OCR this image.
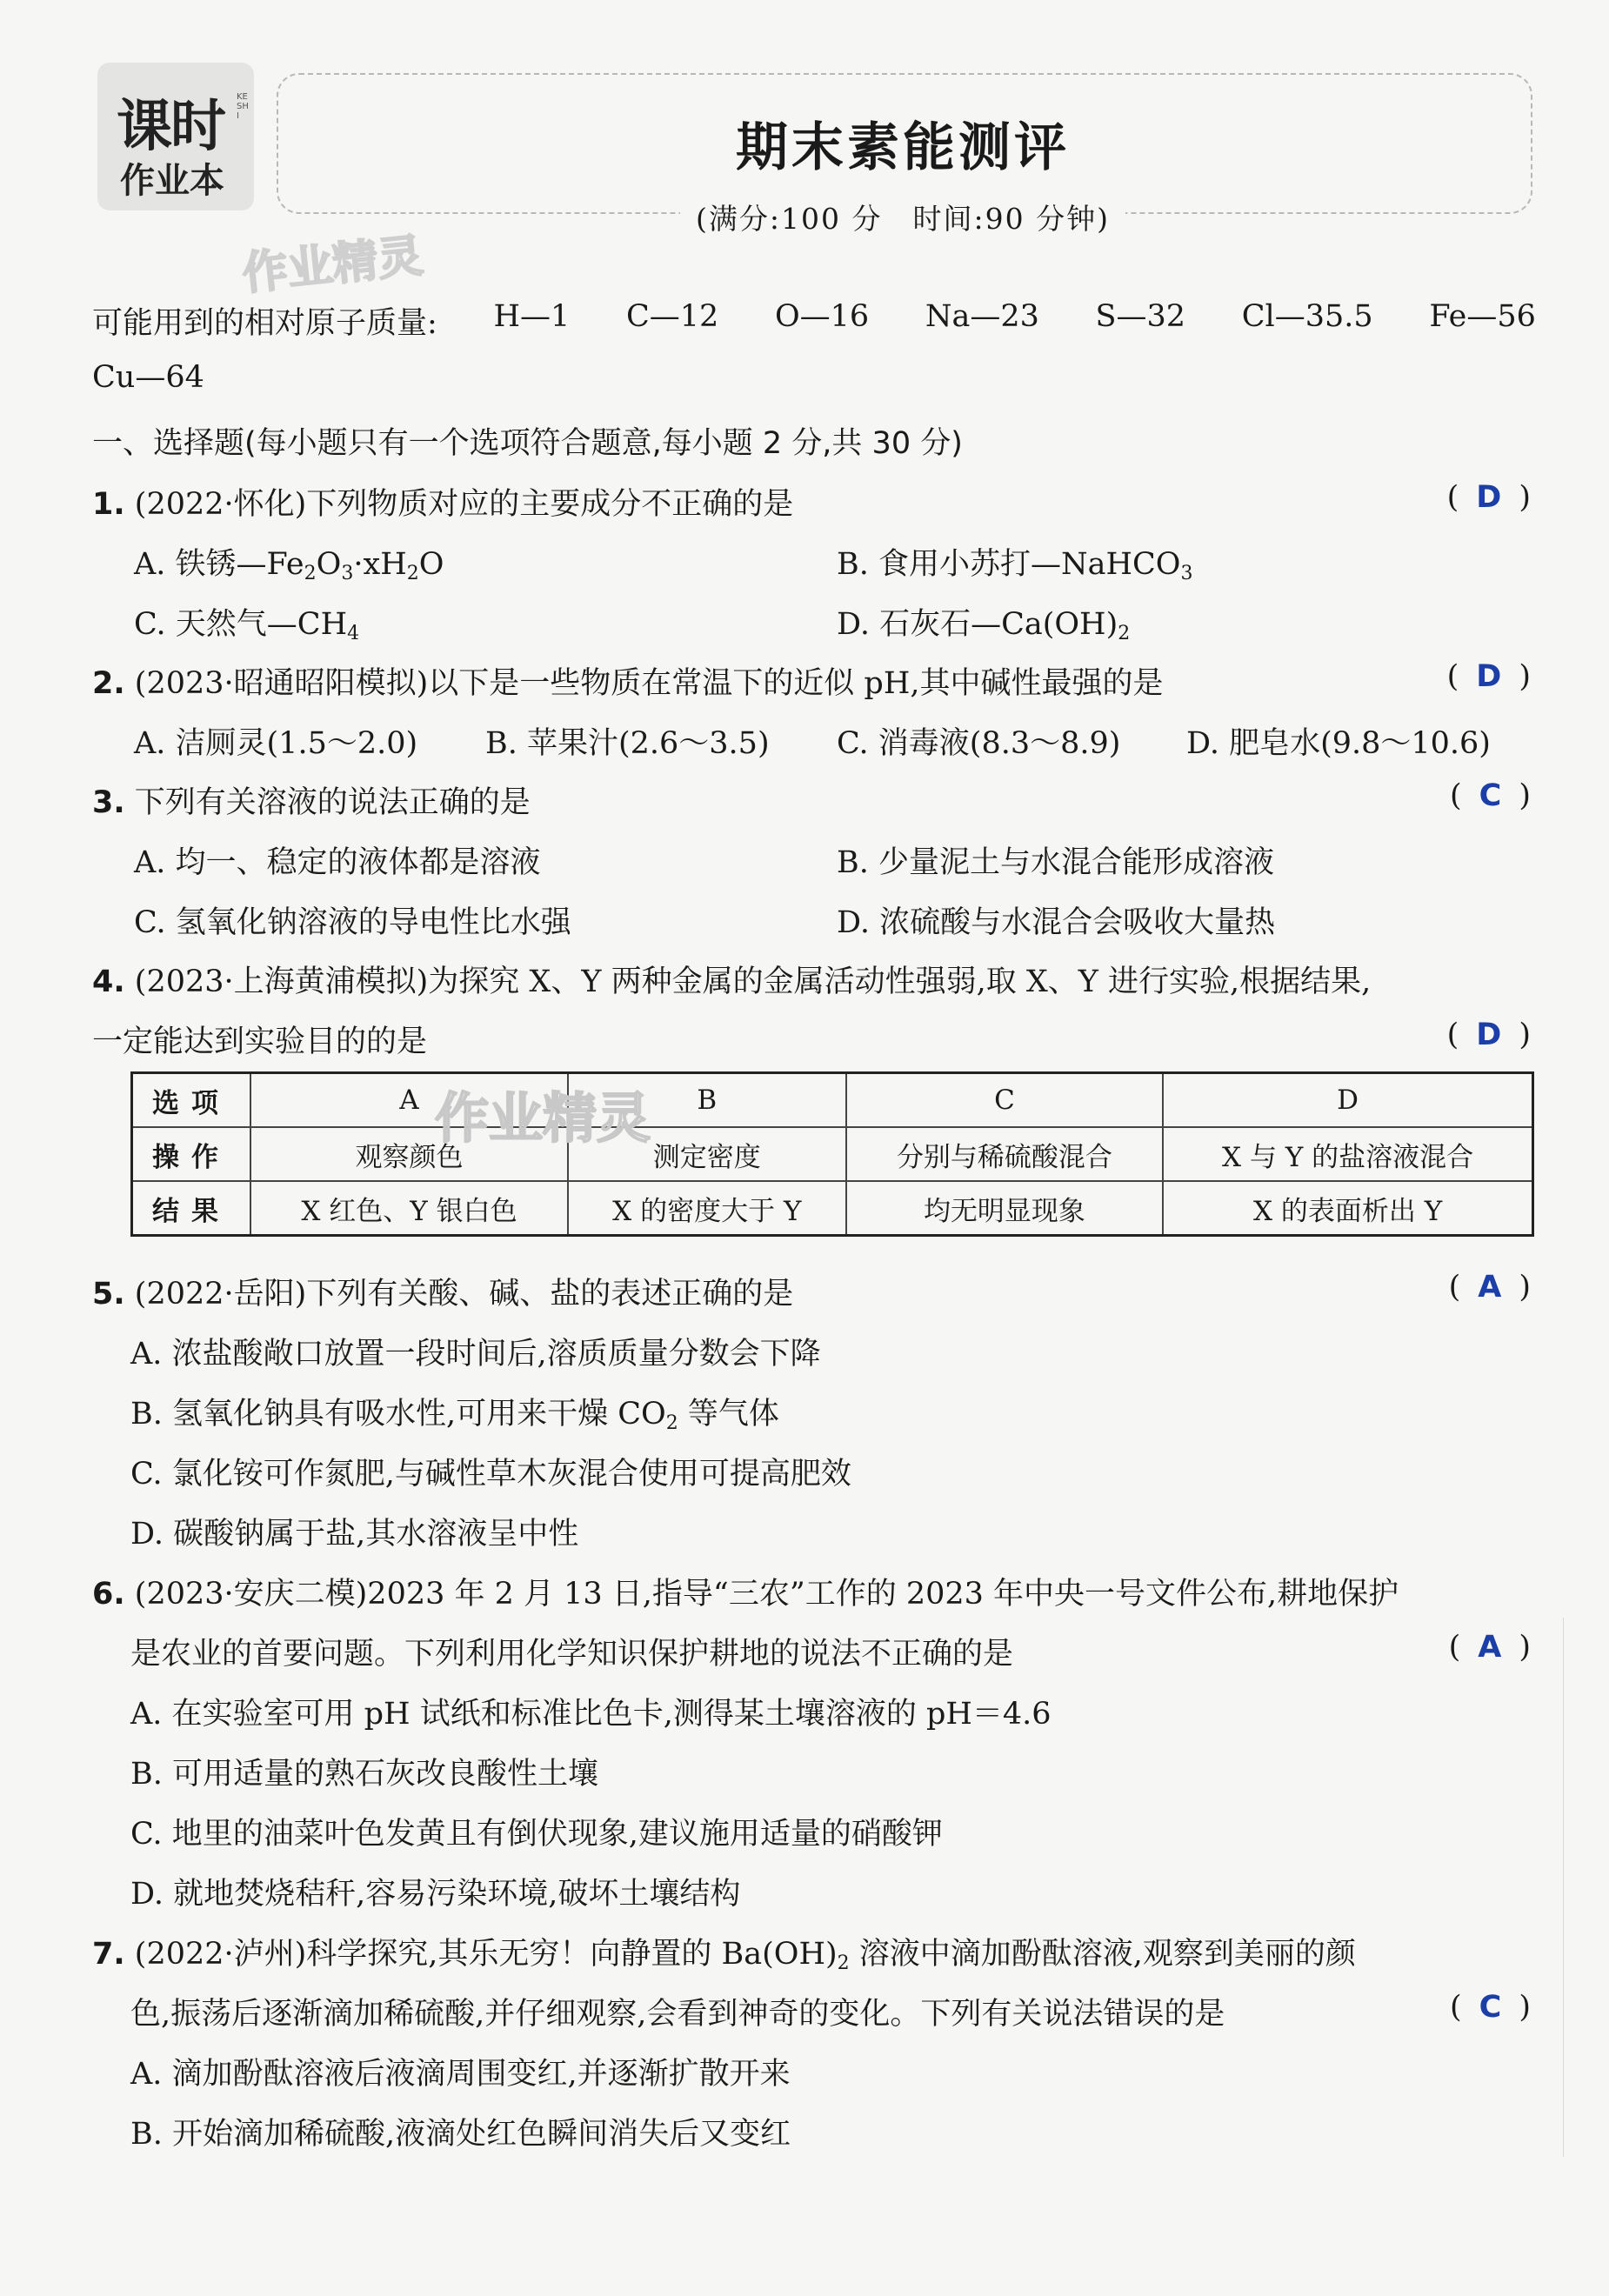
课时
作业本
KESHI
期末素能测评
(满分:100 分　时间:90 分钟)
作业精灵
可能用到的相对原子质量: H—1 C—12 O—16 Na—23 S—32 Cl—35.5 Fe—56
Cu—64
一、选择题(每小题只有一个选项符合题意,每小题 2 分,共 30 分)
1. (2022·怀化)下列物质对应的主要成分不正确的是	( D )
A. 铁锈$—Fe_2O_3\cdot xH_2O$	B. 食用小苏打—NaHCO$_3$
C. 天然气$—CH_4$	D. 石灰石$—Ca(OH)_2$
2. (2023·昭通昭阳模拟)以下是一些物质在常温下的近似 pH,其中碱性最强的是	( D )
A. 洁厕灵(1.5～2.0) B. 苹果汁(2.6～3.5) C. 消毒液(8.3～8.9) D. 肥皂水(9.8～10.6)
3. 下列有关溶液的说法正确的是	( C )
A. 均一、稳定的液体都是溶液	B. 少量泥土与水混合能形成溶液
C. 氢氧化钠溶液的导电性比水强	D. 浓硫酸与水混合会吸收大量热
4. (2023·上海黄浦模拟)为探究 X、Y 两种金属的金属活动性强弱,取 X、Y 进行实验,根据结果,
一定能达到实验目的的是	( D )
选项	A	B	C	D
操作	观察颜色	测定密度	分别与稀硫酸混合	X 与 Y 的盐溶液混合
结果	X 红色、Y 银白色	X 的密度大于 Y	均无明显现象	X 的表面析出 Y
作业精灵
5. (2022·岳阳)下列有关酸、碱、盐的表述正确的是	( A )
A. 浓盐酸敞口放置一段时间后,溶质质量分数会下降
B. 氢氧化钠具有吸水性,可用来干燥 $CO_2$ 等气体
C. 氯化铵可作氮肥,与碱性草木灰混合使用可提高肥效
D. 碳酸钠属于盐,其水溶液呈中性
6. (2023·安庆二模)2023 年 2 月 13 日,指导“三农”工作的 2023 年中央一号文件公布,耕地保护
是农业的首要问题。下列利用化学知识保护耕地的说法不正确的是	( A )
A. 在实验室可用 pH 试纸和标准比色卡,测得某土壤溶液的 pH＝4.6
B. 可用适量的熟石灰改良酸性土壤
C. 地里的油菜叶色发黄且有倒伏现象,建议施用适量的硝酸钾
D. 就地焚烧秸秆,容易污染环境,破坏土壤结构
7. (2022·泸州)科学探究,其乐无穷！向静置的 $Ba(OH)_2$ 溶液中滴加酚酞溶液,观察到美丽的颜
色,振荡后逐渐滴加稀硫酸,并仔细观察,会看到神奇的变化。下列有关说法错误的是	( C )
A. 滴加酚酞溶液后液滴周围变红,并逐渐扩散开来
B. 开始滴加稀硫酸,液滴处红色瞬间消失后又变红
